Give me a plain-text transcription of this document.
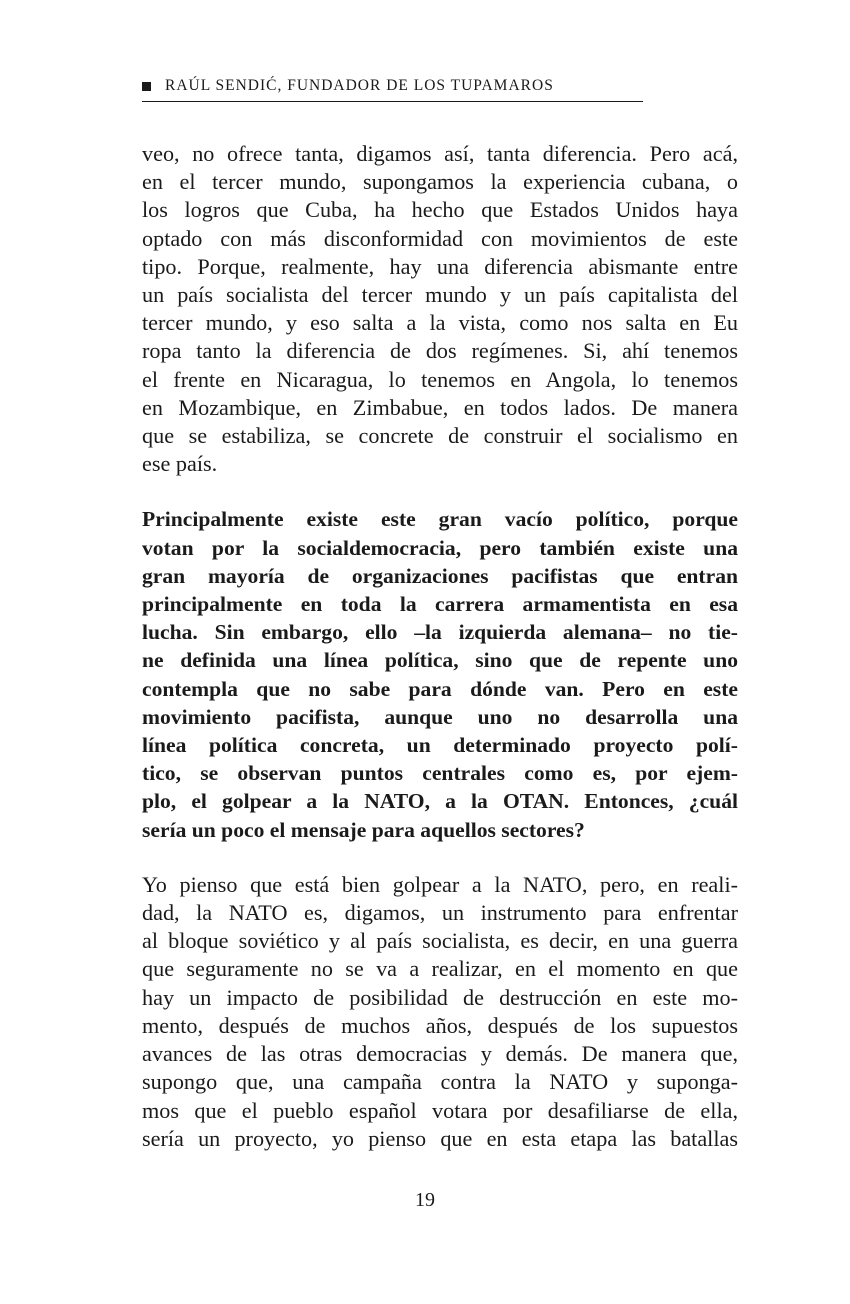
RAÚL SENDIĆ, FUNDADOR DE LOS TUPAMAROS

veo, no ofrece tanta, digamos así, tanta diferencia. Pero acá,
en el tercer mundo, supongamos la experiencia cubana, o
los logros que Cuba, ha hecho que Estados Unidos haya
optado con más disconformidad con movimientos de este
tipo. Porque, realmente, hay una diferencia abismante entre
un país socialista del tercer mundo y un país capitalista del
tercer mundo, y eso salta a la vista, como nos salta en Eu
ropa tanto la diferencia de dos regímenes. Si, ahí tenemos
el frente en Nicaragua, lo tenemos en Angola, lo tenemos
en Mozambique, en Zimbabue, en todos lados. De manera
que se estabiliza, se concrete de construir el socialismo en
ese país.

Principalmente existe este gran vacío político, porque
votan por la socialdemocracia, pero también existe una
gran mayoría de organizaciones pacifistas que entran
principalmente en toda la carrera armamentista en esa
lucha. Sin embargo, ello –la izquierda alemana– no tie-
ne definida una línea política, sino que de repente uno
contempla que no sabe para dónde van. Pero en este
movimiento pacifista, aunque uno no desarrolla una
línea política concreta, un determinado proyecto polí-
tico, se observan puntos centrales como es, por ejem-
plo, el golpear a la NATO, a la OTAN. Entonces, ¿cuál
sería un poco el mensaje para aquellos sectores?

Yo pienso que está bien golpear a la NATO, pero, en reali-
dad, la NATO es, digamos, un instrumento para enfrentar
al bloque soviético y al país socialista, es decir, en una guerra
que seguramente no se va a realizar, en el momento en que
hay un impacto de posibilidad de destrucción en este mo-
mento, después de muchos años, después de los supuestos
avances de las otras democracias y demás. De manera que,
supongo que, una campaña contra la NATO y suponga-
mos que el pueblo español votara por desafiliarse de ella,
sería un proyecto, yo pienso que en esta etapa las batallas

19
